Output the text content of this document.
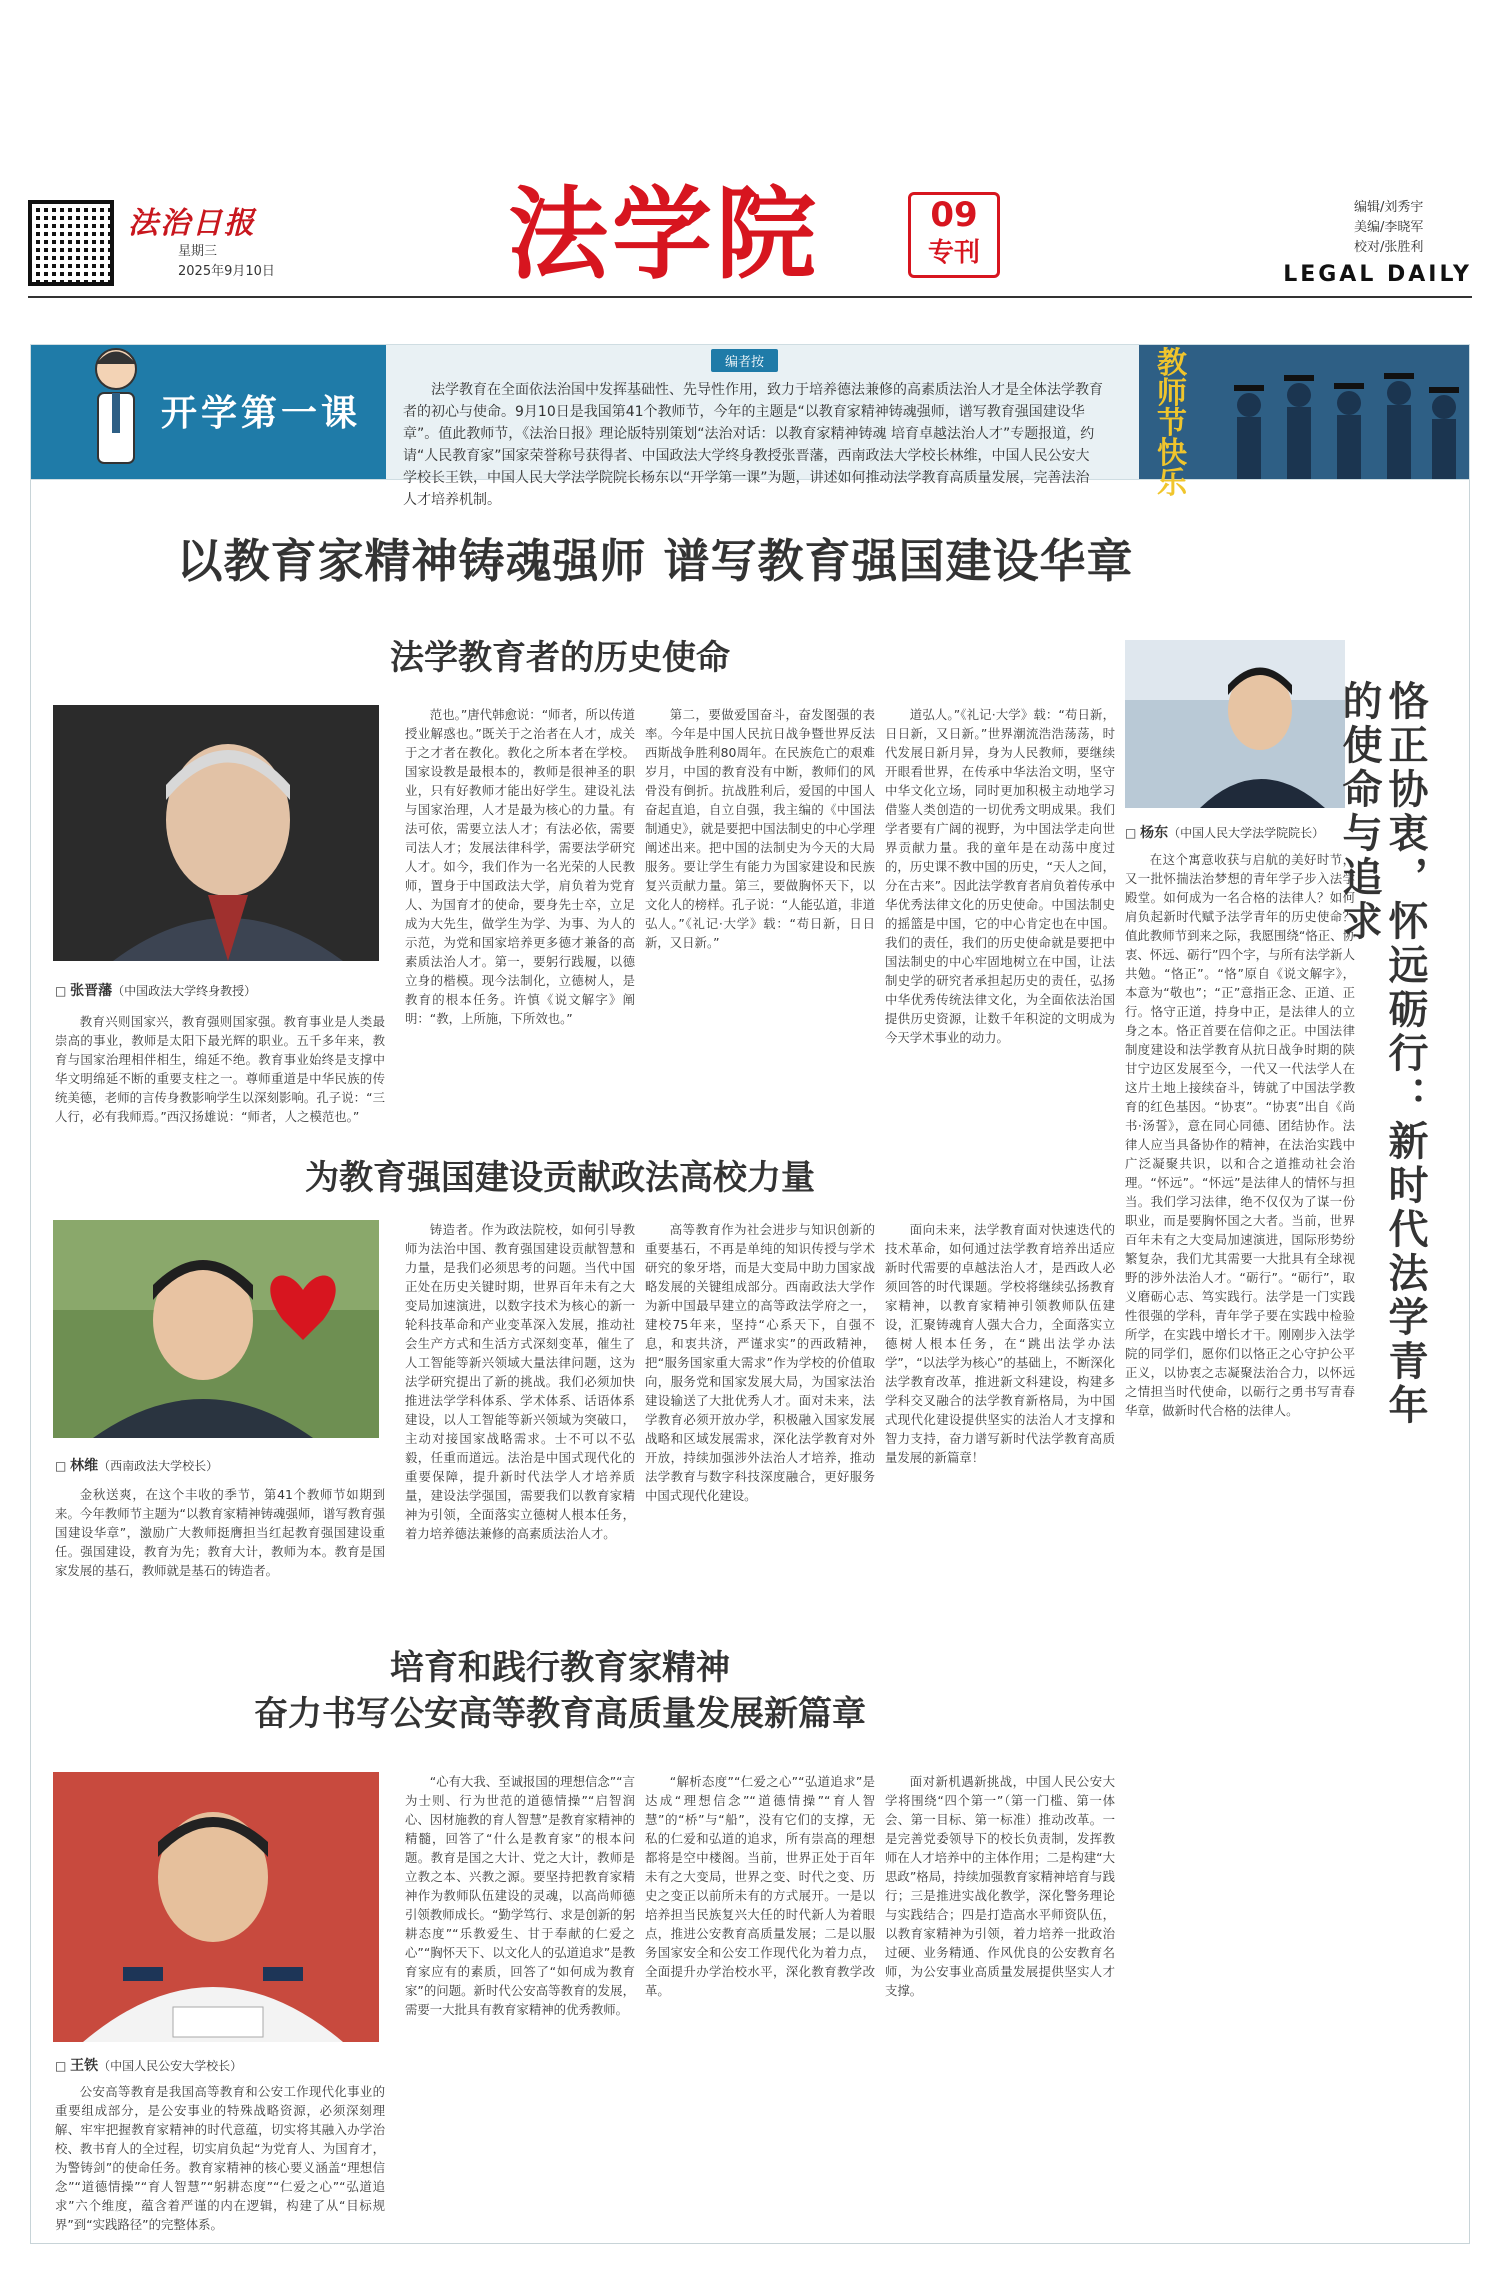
法治日报
星期三
2025年9月10日 法学院	09
专刊
编辑/刘秀宇
美编/李晓军
校对/张胜利
LEGAL DAILY
开学第一课
编者按
法学教育在全面依法治国中发挥基础性、先导性作用，致力于培养德法兼修的高素质法治人才是全体法学教育者的初心与使命。9月10日是我国第41个教师节，今年的主题是“以教育家精神铸魂强师，谱写教育强国建设华章”。值此教师节，《法治日报》理论版特别策划“法治对话：以教育家精神铸魂 培育卓越法治人才”专题报道，约请“人民教育家”国家荣誉称号获得者、中国政法大学终身教授张晋藩，西南政法大学校长林维，中国人民公安大学校长王铁，中国人民大学法学院院长杨东以“开学第一课”为题，讲述如何推动法学教育高质量发展，完善法治人才培养机制。
教师节快乐
以教育家精神铸魂强师 谱写教育强国建设华章
法学教育者的历史使命
□ 张晋藩（中国政法大学终身教授）
教育兴则国家兴，教育强则国家强。教育事业是人类最崇高的事业，教师是太阳下最光辉的职业。五千多年来，教育与国家治理相伴相生，绵延不绝。教育事业始终是支撑中华文明绵延不断的重要支柱之一。尊师重道是中华民族的传统美德，老师的言传身教影响学生以深刻影响。孔子说：“三人行，必有我师焉。”西汉扬雄说：“师者，人之模范也。”
范也。”唐代韩愈说：“师者，所以传道授业解惑也。”既关于之治者在人才，成关于之才者在教化。教化之所本者在学校。国家设教是最根本的，教师是很神圣的职业，只有好教师才能出好学生。建设礼法与国家治理，人才是最为核心的力量。有法可依，需要立法人才；有法必依，需要司法人才；发展法律科学，需要法学研究人才。如今，我们作为一名光荣的人民教师，置身于中国政法大学，肩负着为党育人、为国育才的使命，要身先士卒，立足成为大先生，做学生为学、为事、为人的示范，为党和国家培养更多德才兼备的高素质法治人才。第一，要躬行践履，以德立身的楷模。现今法制化，立德树人，是教育的根本任务。许慎《说文解字》阐明：“教，上所施，下所效也。”
第二，要做爱国奋斗，奋发图强的表率。今年是中国人民抗日战争暨世界反法西斯战争胜利80周年。在民族危亡的艰难岁月，中国的教育没有中断，教师们的风骨没有倒折。抗战胜利后，爱国的中国人奋起直追，自立自强，我主编的《中国法制通史》，就是要把中国法制史的中心学理阐述出来。把中国的法制史为今天的大局服务。要让学生有能力为国家建设和民族复兴贡献力量。第三，要做胸怀天下，以文化人的榜样。孔子说：“人能弘道，非道弘人。”《礼记·大学》载：“苟日新，日日新，又日新。”
道弘人。”《礼记·大学》载：“苟日新，日日新，又日新。”世界潮流浩浩荡荡，时代发展日新月异，身为人民教师，要继续开眼看世界，在传承中华法治文明，坚守中华文化立场，同时更加积极主动地学习借鉴人类创造的一切优秀文明成果。我们学者要有广阔的视野，为中国法学走向世界贡献力量。我的童年是在动荡中度过的，历史课不教中国的历史，“天人之间，分在古来”。因此法学教育者肩负着传承中华优秀法律文化的历史使命。中国法制史的摇篮是中国，它的中心肯定也在中国。我们的责任，我们的历史使命就是要把中国法制史的中心牢固地树立在中国，让法制史学的研究者承担起历史的责任，弘扬中华优秀传统法律文化，为全面依法治国提供历史资源，让数千年积淀的文明成为今天学术事业的动力。
为教育强国建设贡献政法高校力量
□ 林维（西南政法大学校长）
金秋送爽，在这个丰收的季节，第41个教师节如期到来。今年教师节主题为“以教育家精神铸魂强师，谱写教育强国建设华章”，激励广大教师挺膺担当红起教育强国建设重任。强国建设，教育为先；教育大计，教师为本。教育是国家发展的基石，教师就是基石的铸造者。
铸造者。作为政法院校，如何引导教师为法治中国、教育强国建设贡献智慧和力量，是我们必须思考的问题。当代中国正处在历史关键时期，世界百年未有之大变局加速演进，以数字技术为核心的新一轮科技革命和产业变革深入发展，推动社会生产方式和生活方式深刻变革，催生了人工智能等新兴领域大量法律问题，这为法学研究提出了新的挑战。我们必须加快推进法学学科体系、学术体系、话语体系建设，以人工智能等新兴领域为突破口，主动对接国家战略需求。士不可以不弘毅，任重而道远。法治是中国式现代化的重要保障，提升新时代法学人才培养质量，建设法学强国，需要我们以教育家精神为引领，全面落实立德树人根本任务，着力培养德法兼修的高素质法治人才。
高等教育作为社会进步与知识创新的重要基石，不再是单纯的知识传授与学术研究的象牙塔，而是大变局中助力国家战略发展的关键组成部分。西南政法大学作为新中国最早建立的高等政法学府之一，建校75年来，坚持“心系天下，自强不息，和衷共济，严谨求实”的西政精神，把“服务国家重大需求”作为学校的价值取向，服务党和国家发展大局，为国家法治建设输送了大批优秀人才。面对未来，法学教育必须开放办学，积极融入国家发展战略和区域发展需求，深化法学教育对外开放，持续加强涉外法治人才培养，推动法学教育与数字科技深度融合，更好服务中国式现代化建设。
面向未来，法学教育面对快速迭代的技术革命，如何通过法学教育培养出适应新时代需要的卓越法治人才，是西政人必须回答的时代课题。学校将继续弘扬教育家精神，以教育家精神引领教师队伍建设，汇聚铸魂育人强大合力，全面落实立德树人根本任务，在“跳出法学办法学”，“以法学为核心”的基础上，不断深化法学教育改革，推进新文科建设，构建多学科交叉融合的法学教育新格局，为中国式现代化建设提供坚实的法治人才支撑和智力支持，奋力谱写新时代法学教育高质量发展的新篇章！
培育和践行教育家精神
奋力书写公安高等教育高质量发展新篇章
□ 王铁（中国人民公安大学校长）
公安高等教育是我国高等教育和公安工作现代化事业的重要组成部分，是公安事业的特殊战略资源，必须深刻理解、牢牢把握教育家精神的时代意蕴，切实将其融入办学治校、教书育人的全过程，切实肩负起“为党育人、为国育才，为警铸剑”的使命任务。教育家精神的核心要义涵盖“理想信念”“道德情操”“育人智慧”“躬耕态度”“仁爱之心”“弘道追求”六个维度，蕴含着严谨的内在逻辑，构建了从“目标规界”到“实践路径”的完整体系。
“心有大我、至诚报国的理想信念”“言为士则、行为世范的道德情操”“启智润心、因材施教的育人智慧”是教育家精神的精髓，回答了“什么是教育家”的根本问题。教育是国之大计、党之大计，教师是立教之本、兴教之源。要坚持把教育家精神作为教师队伍建设的灵魂，以高尚师德引领教师成长。“勤学笃行、求是创新的躬耕态度”“乐教爱生、甘于奉献的仁爱之心”“胸怀天下、以文化人的弘道追求”是教育家应有的素质，回答了“如何成为教育家”的问题。新时代公安高等教育的发展，需要一大批具有教育家精神的优秀教师。
“解析态度”“仁爱之心”“弘道追求”是达成“理想信念”“道德情操”“育人智慧”的“桥”与“船”，没有它们的支撑，无私的仁爱和弘道的追求，所有崇高的理想都将是空中楼阁。当前，世界正处于百年未有之大变局，世界之变、时代之变、历史之变正以前所未有的方式展开。一是以培养担当民族复兴大任的时代新人为着眼点，推进公安教育高质量发展；二是以服务国家安全和公安工作现代化为着力点，全面提升办学治校水平，深化教育教学改革。
面对新机遇新挑战，中国人民公安大学将围绕“四个第一”（第一门槛、第一体会、第一目标、第一标准）推动改革。一是完善党委领导下的校长负责制，发挥教师在人才培养中的主体作用；二是构建“大思政”格局，持续加强教育家精神培育与践行；三是推进实战化教学，深化警务理论与实践结合；四是打造高水平师资队伍，以教育家精神为引领，着力培养一批政治过硬、业务精通、作风优良的公安教育名师，为公安事业高质量发展提供坚实人才支撑。
□ 杨东（中国人民大学法学院院长）	恪正协衷，怀远砺行：新时代法学青年的使命与追求
在这个寓意收获与启航的美好时节，又一批怀揣法治梦想的青年学子步入法学殿堂。如何成为一名合格的法律人？如何肩负起新时代赋予法学青年的历史使命？值此教师节到来之际，我愿围绕“恪正、协衷、怀远、砺行”四个字，与所有法学新人共勉。“恪正”。“恪”原自《说文解字》，本意为“敬也”；“正”意指正念、正道、正行。恪守正道，持身中正，是法律人的立身之本。恪正首要在信仰之正。中国法律制度建设和法学教育从抗日战争时期的陕甘宁边区发展至今，一代又一代法学人在这片土地上接续奋斗，铸就了中国法学教育的红色基因。“协衷”。“协衷”出自《尚书·汤誓》，意在同心同德、团结协作。法律人应当具备协作的精神，在法治实践中广泛凝聚共识，以和合之道推动社会治理。“怀远”。“怀远”是法律人的情怀与担当。我们学习法律，绝不仅仅为了谋一份职业，而是要胸怀国之大者。当前，世界百年未有之大变局加速演进，国际形势纷繁复杂，我们尤其需要一大批具有全球视野的涉外法治人才。“砺行”。“砺行”，取义磨砺心志、笃实践行。法学是一门实践性很强的学科，青年学子要在实践中检验所学，在实践中增长才干。刚刚步入法学院的同学们，愿你们以恪正之心守护公平正义，以协衷之志凝聚法治合力，以怀远之情担当时代使命，以砺行之勇书写青春华章，做新时代合格的法律人。
